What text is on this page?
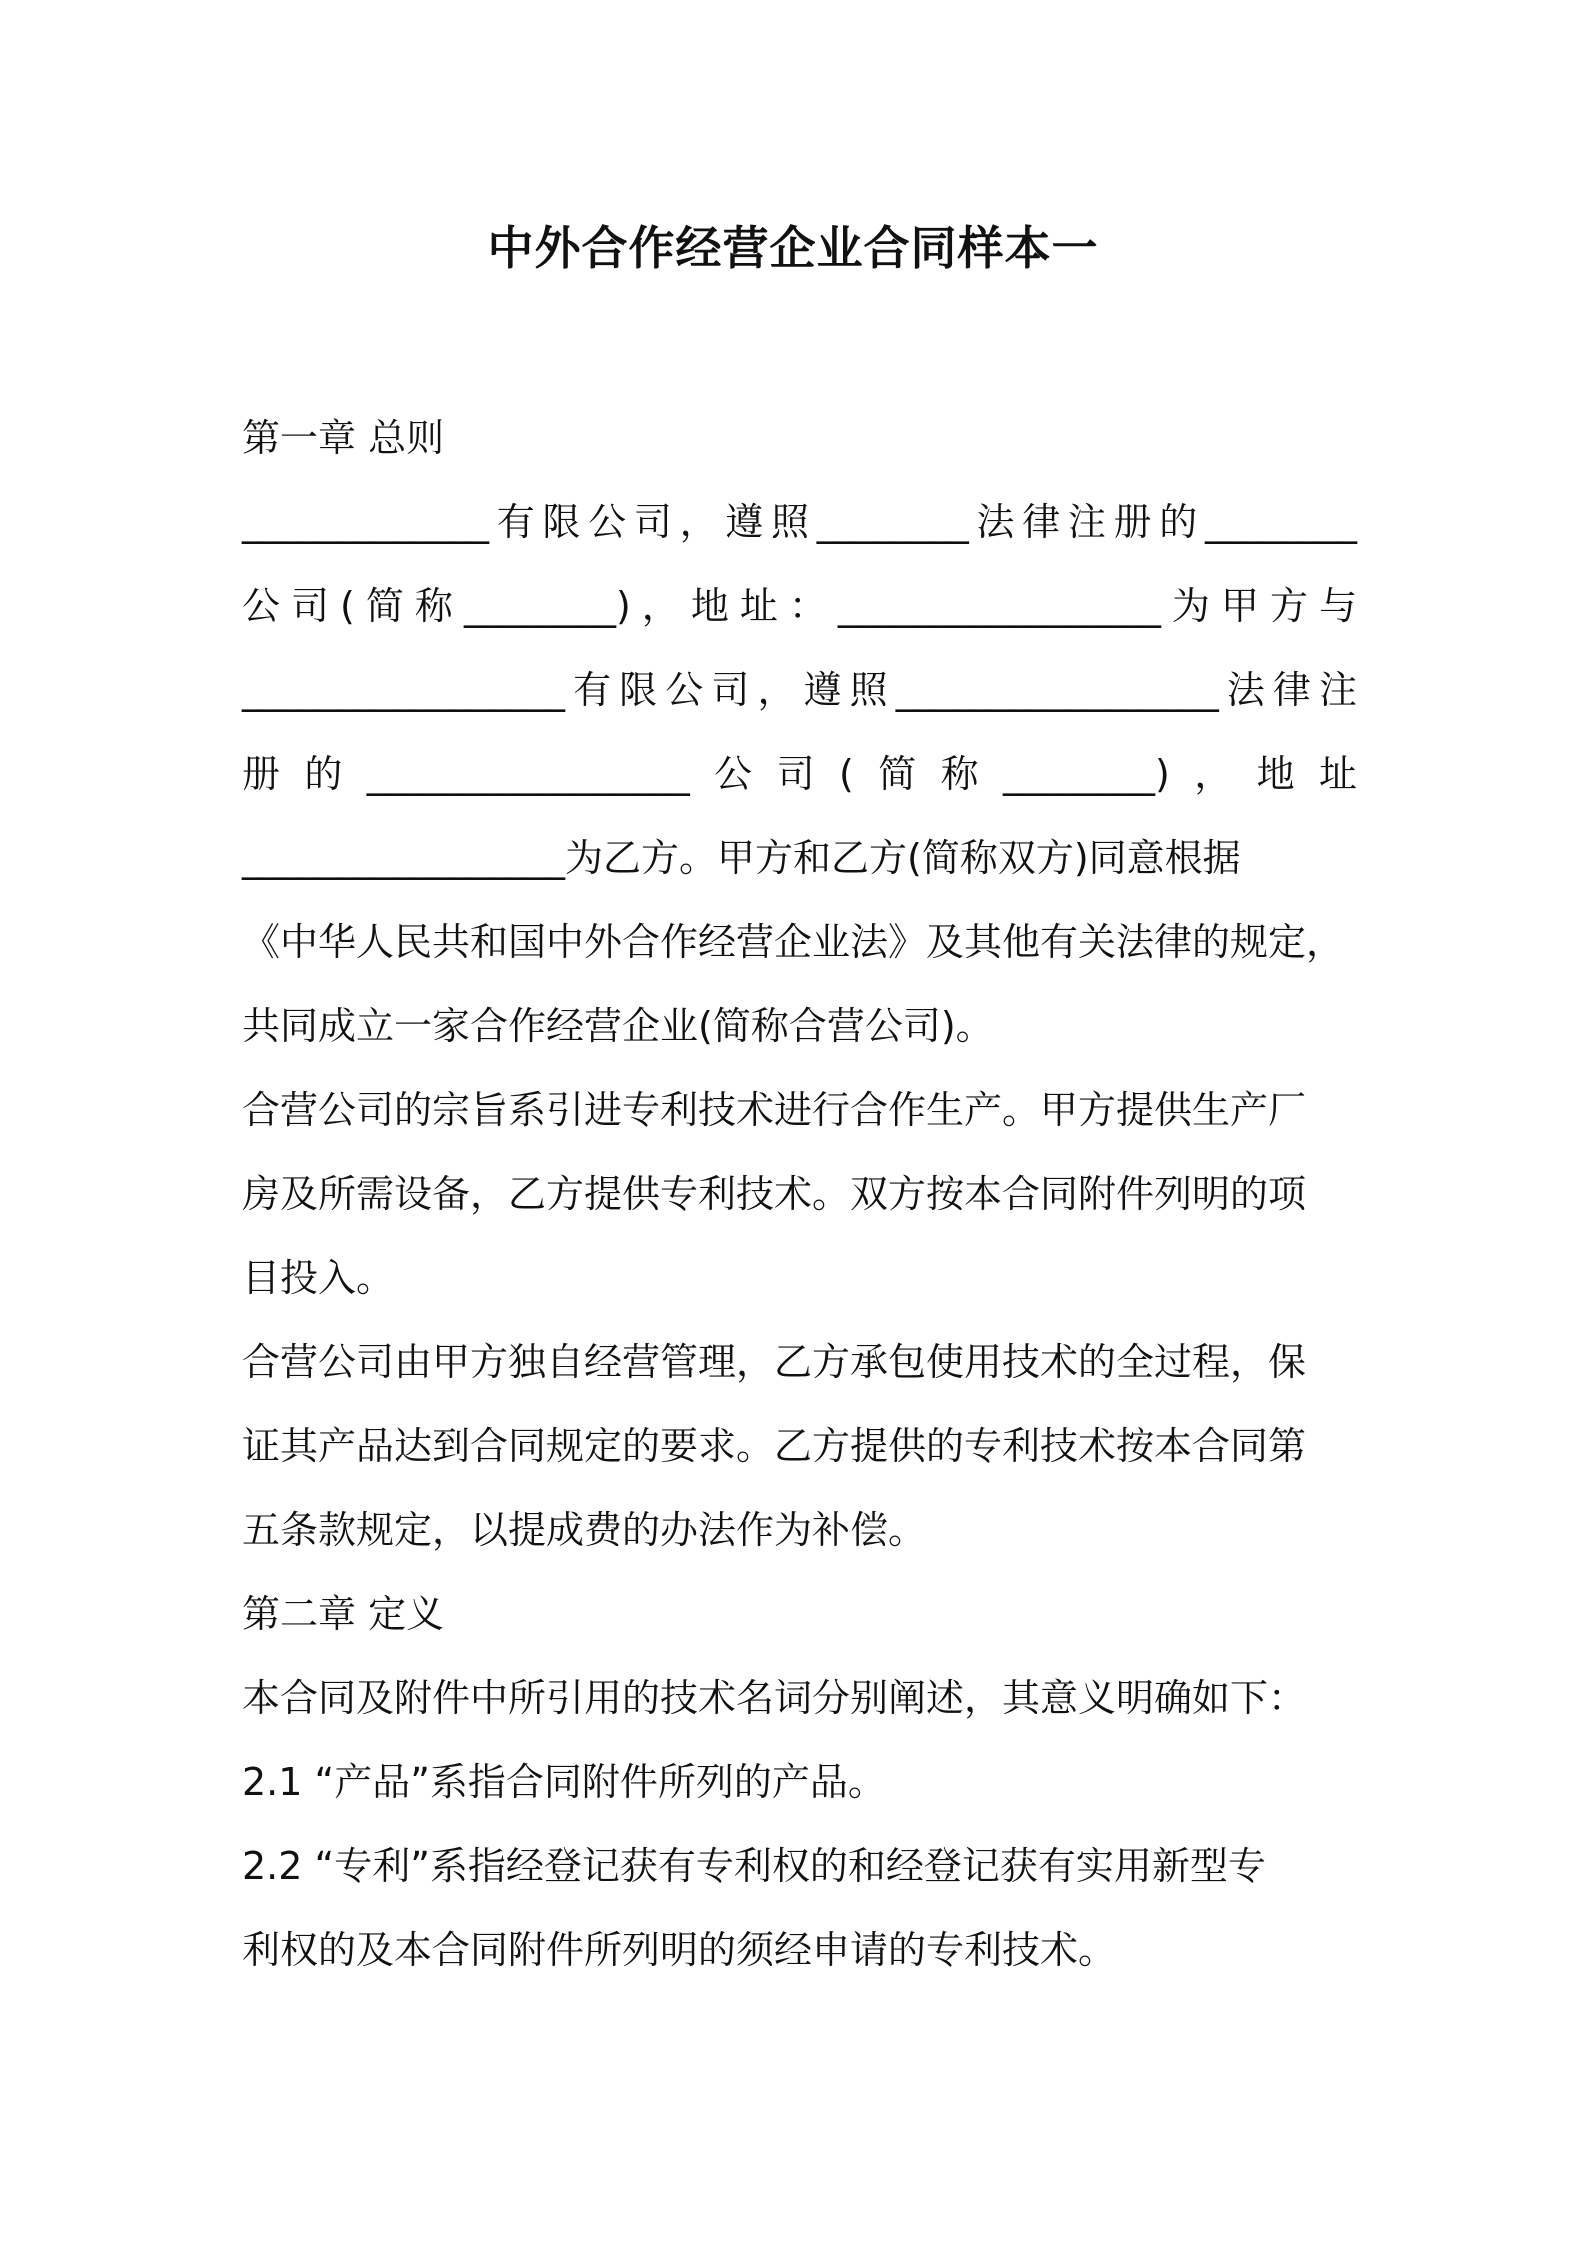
中外合作经营企业合同样本一
第一章 总则
_____________有限公司，遵照________法律注册的________
公司(简称________)，地址：_________________为甲方与
_________________有限公司，遵照_________________法律注
册的_________________公司(简称________)，地址
_________________为乙方。甲方和乙方(简称双方)同意根据
《中华人民共和国中外合作经营企业法》及其他有关法律的规定，
共同成立一家合作经营企业(简称合营公司)。
合营公司的宗旨系引进专利技术进行合作生产。甲方提供生产厂
房及所需设备，乙方提供专利技术。双方按本合同附件列明的项
目投入。
合营公司由甲方独自经营管理，乙方承包使用技术的全过程，保
证其产品达到合同规定的要求。乙方提供的专利技术按本合同第
五条款规定，以提成费的办法作为补偿。
第二章 定义
本合同及附件中所引用的技术名词分别阐述，其意义明确如下：
2.1 “产品”系指合同附件所列的产品。
2.2 “专利”系指经登记获有专利权的和经登记获有实用新型专
利权的及本合同附件所列明的须经申请的专利技术。
